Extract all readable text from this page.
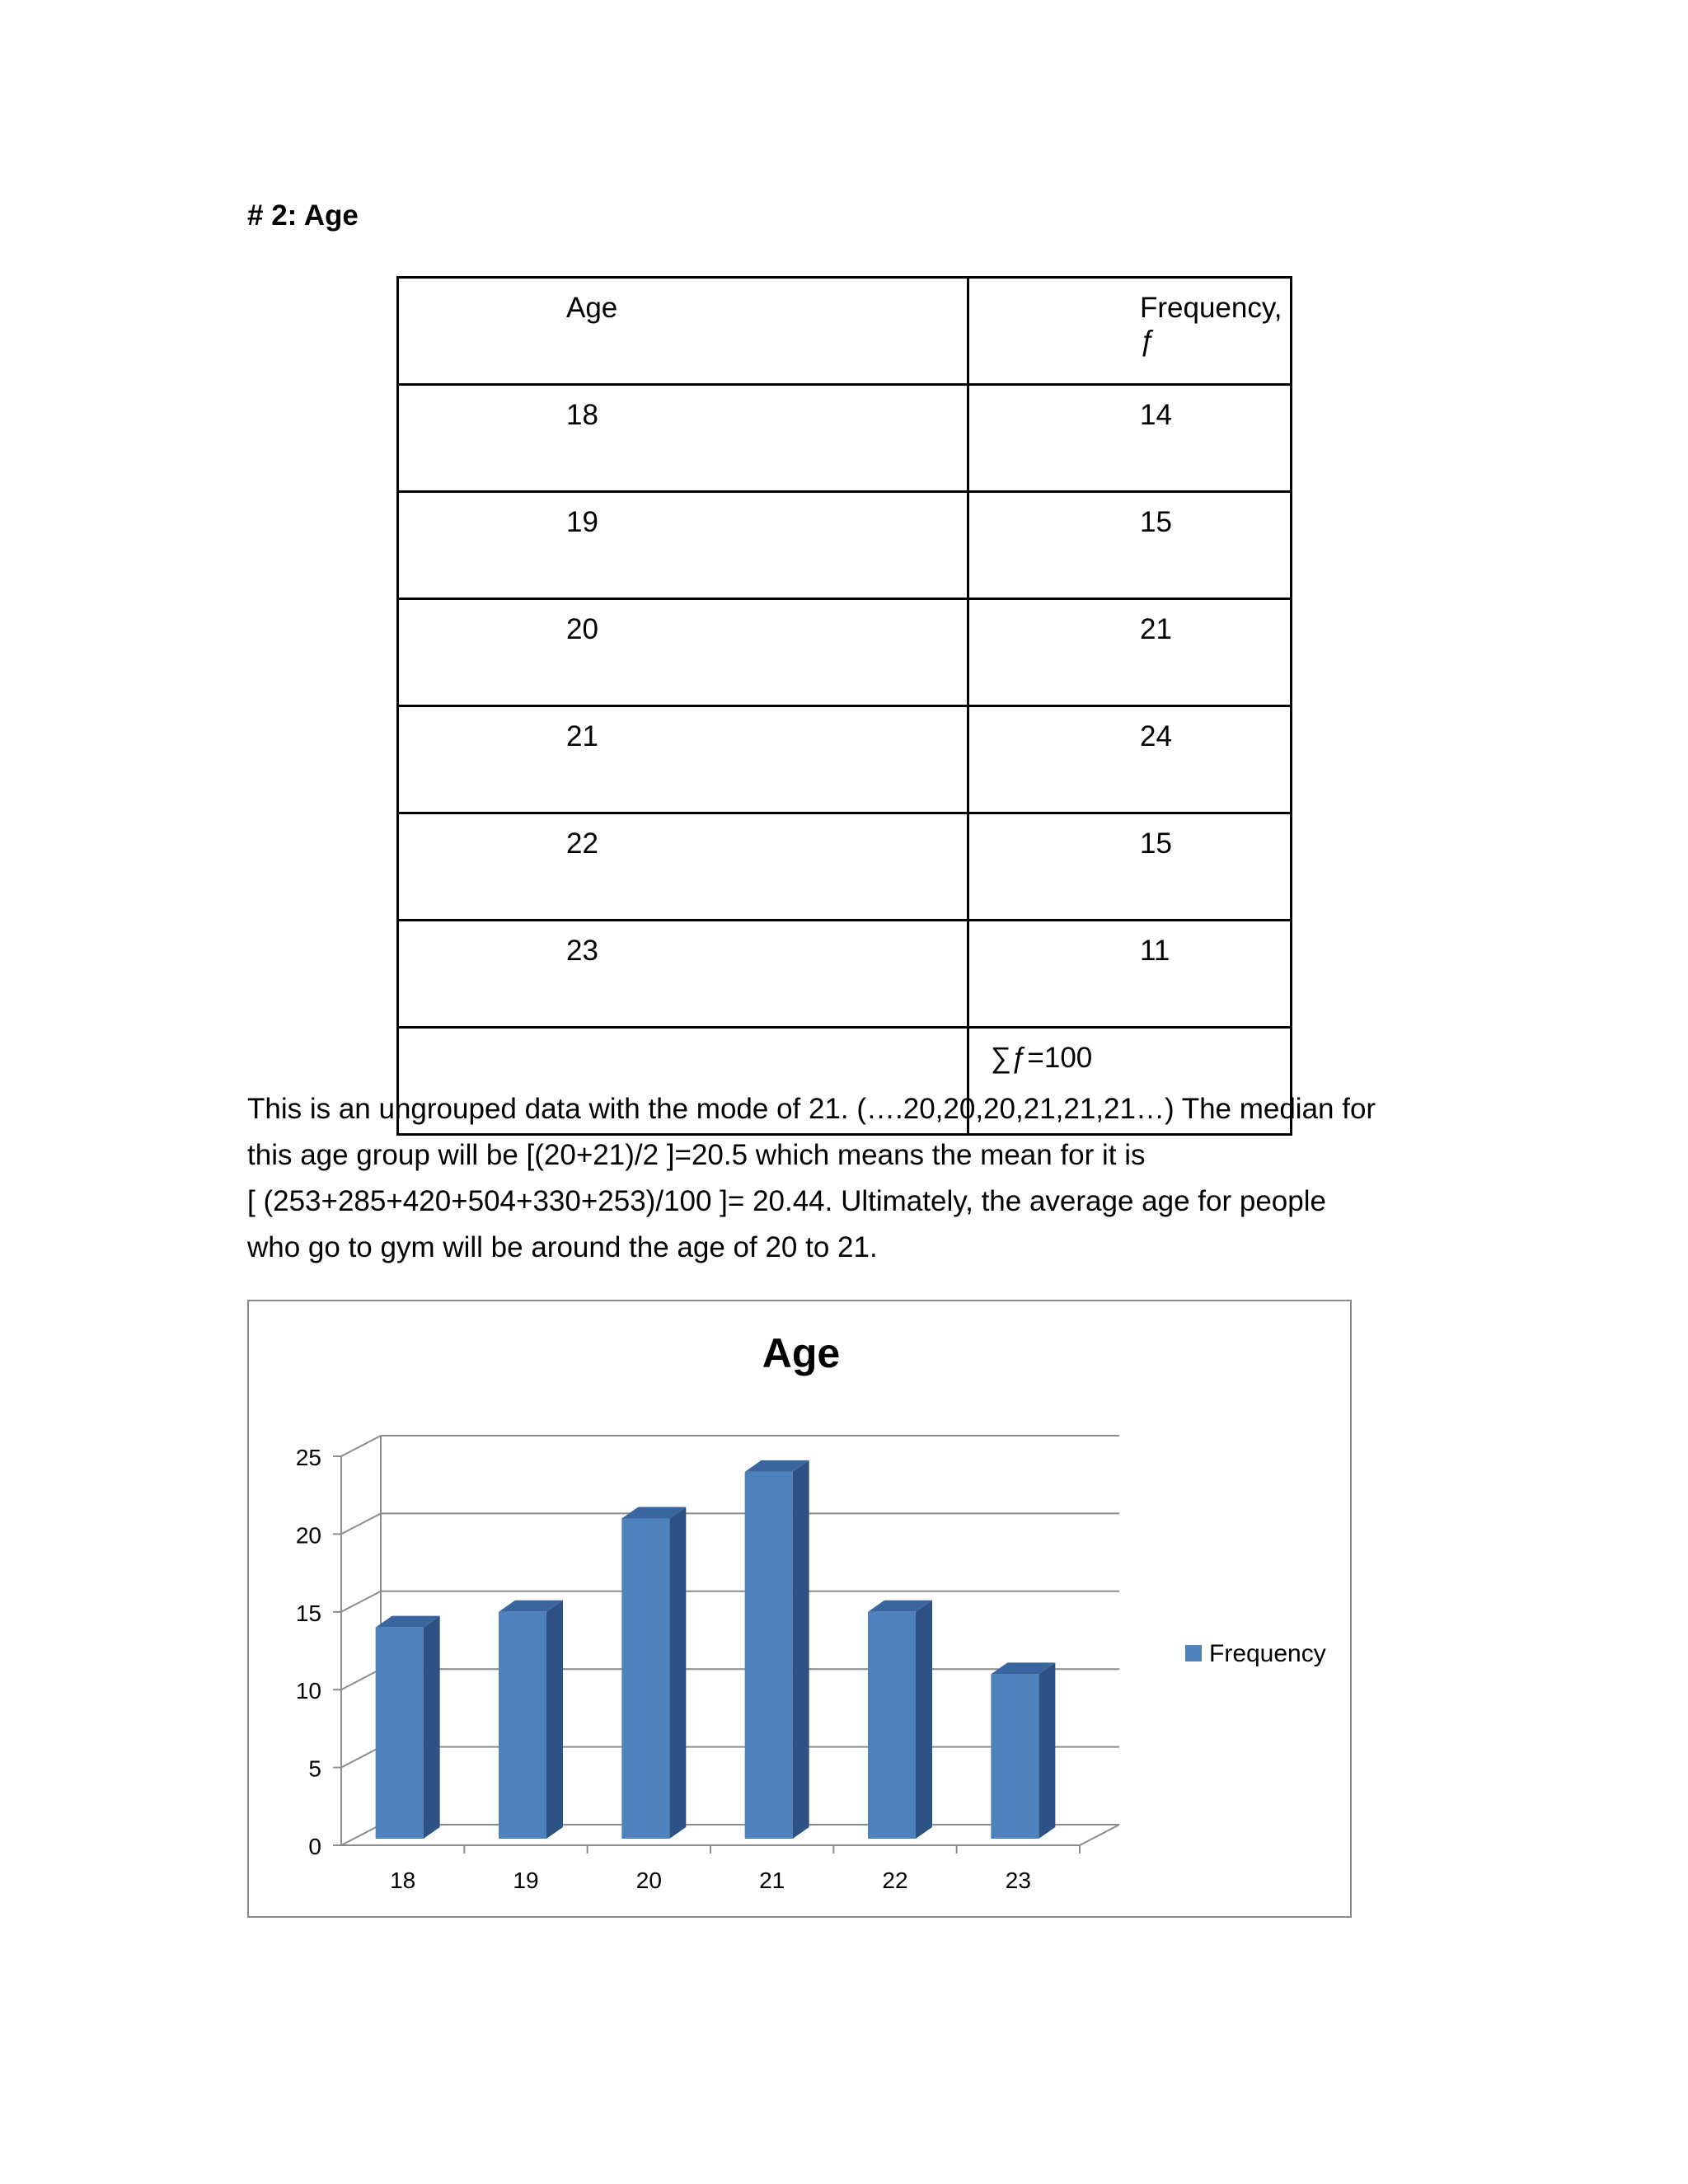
# 2: Age
Age	Frequency, ƒ
18	14
19	15
20	21
21	24
22	15
23	11
	∑ƒ=100

This is an ungrouped data with the mode of 21. (….20,20,20,21,21,21…) The median for

this age group will be [(20+21)/2 ]=20.5 which means the mean for it is

[ (253+285+420+504+330+253)/100 ]= 20.44. Ultimately, the average age for people

who go to gym will be around the age of 20 to 21.

Age
0
5
10
15
20
25
18	19	20	21	22	23
Frequency
